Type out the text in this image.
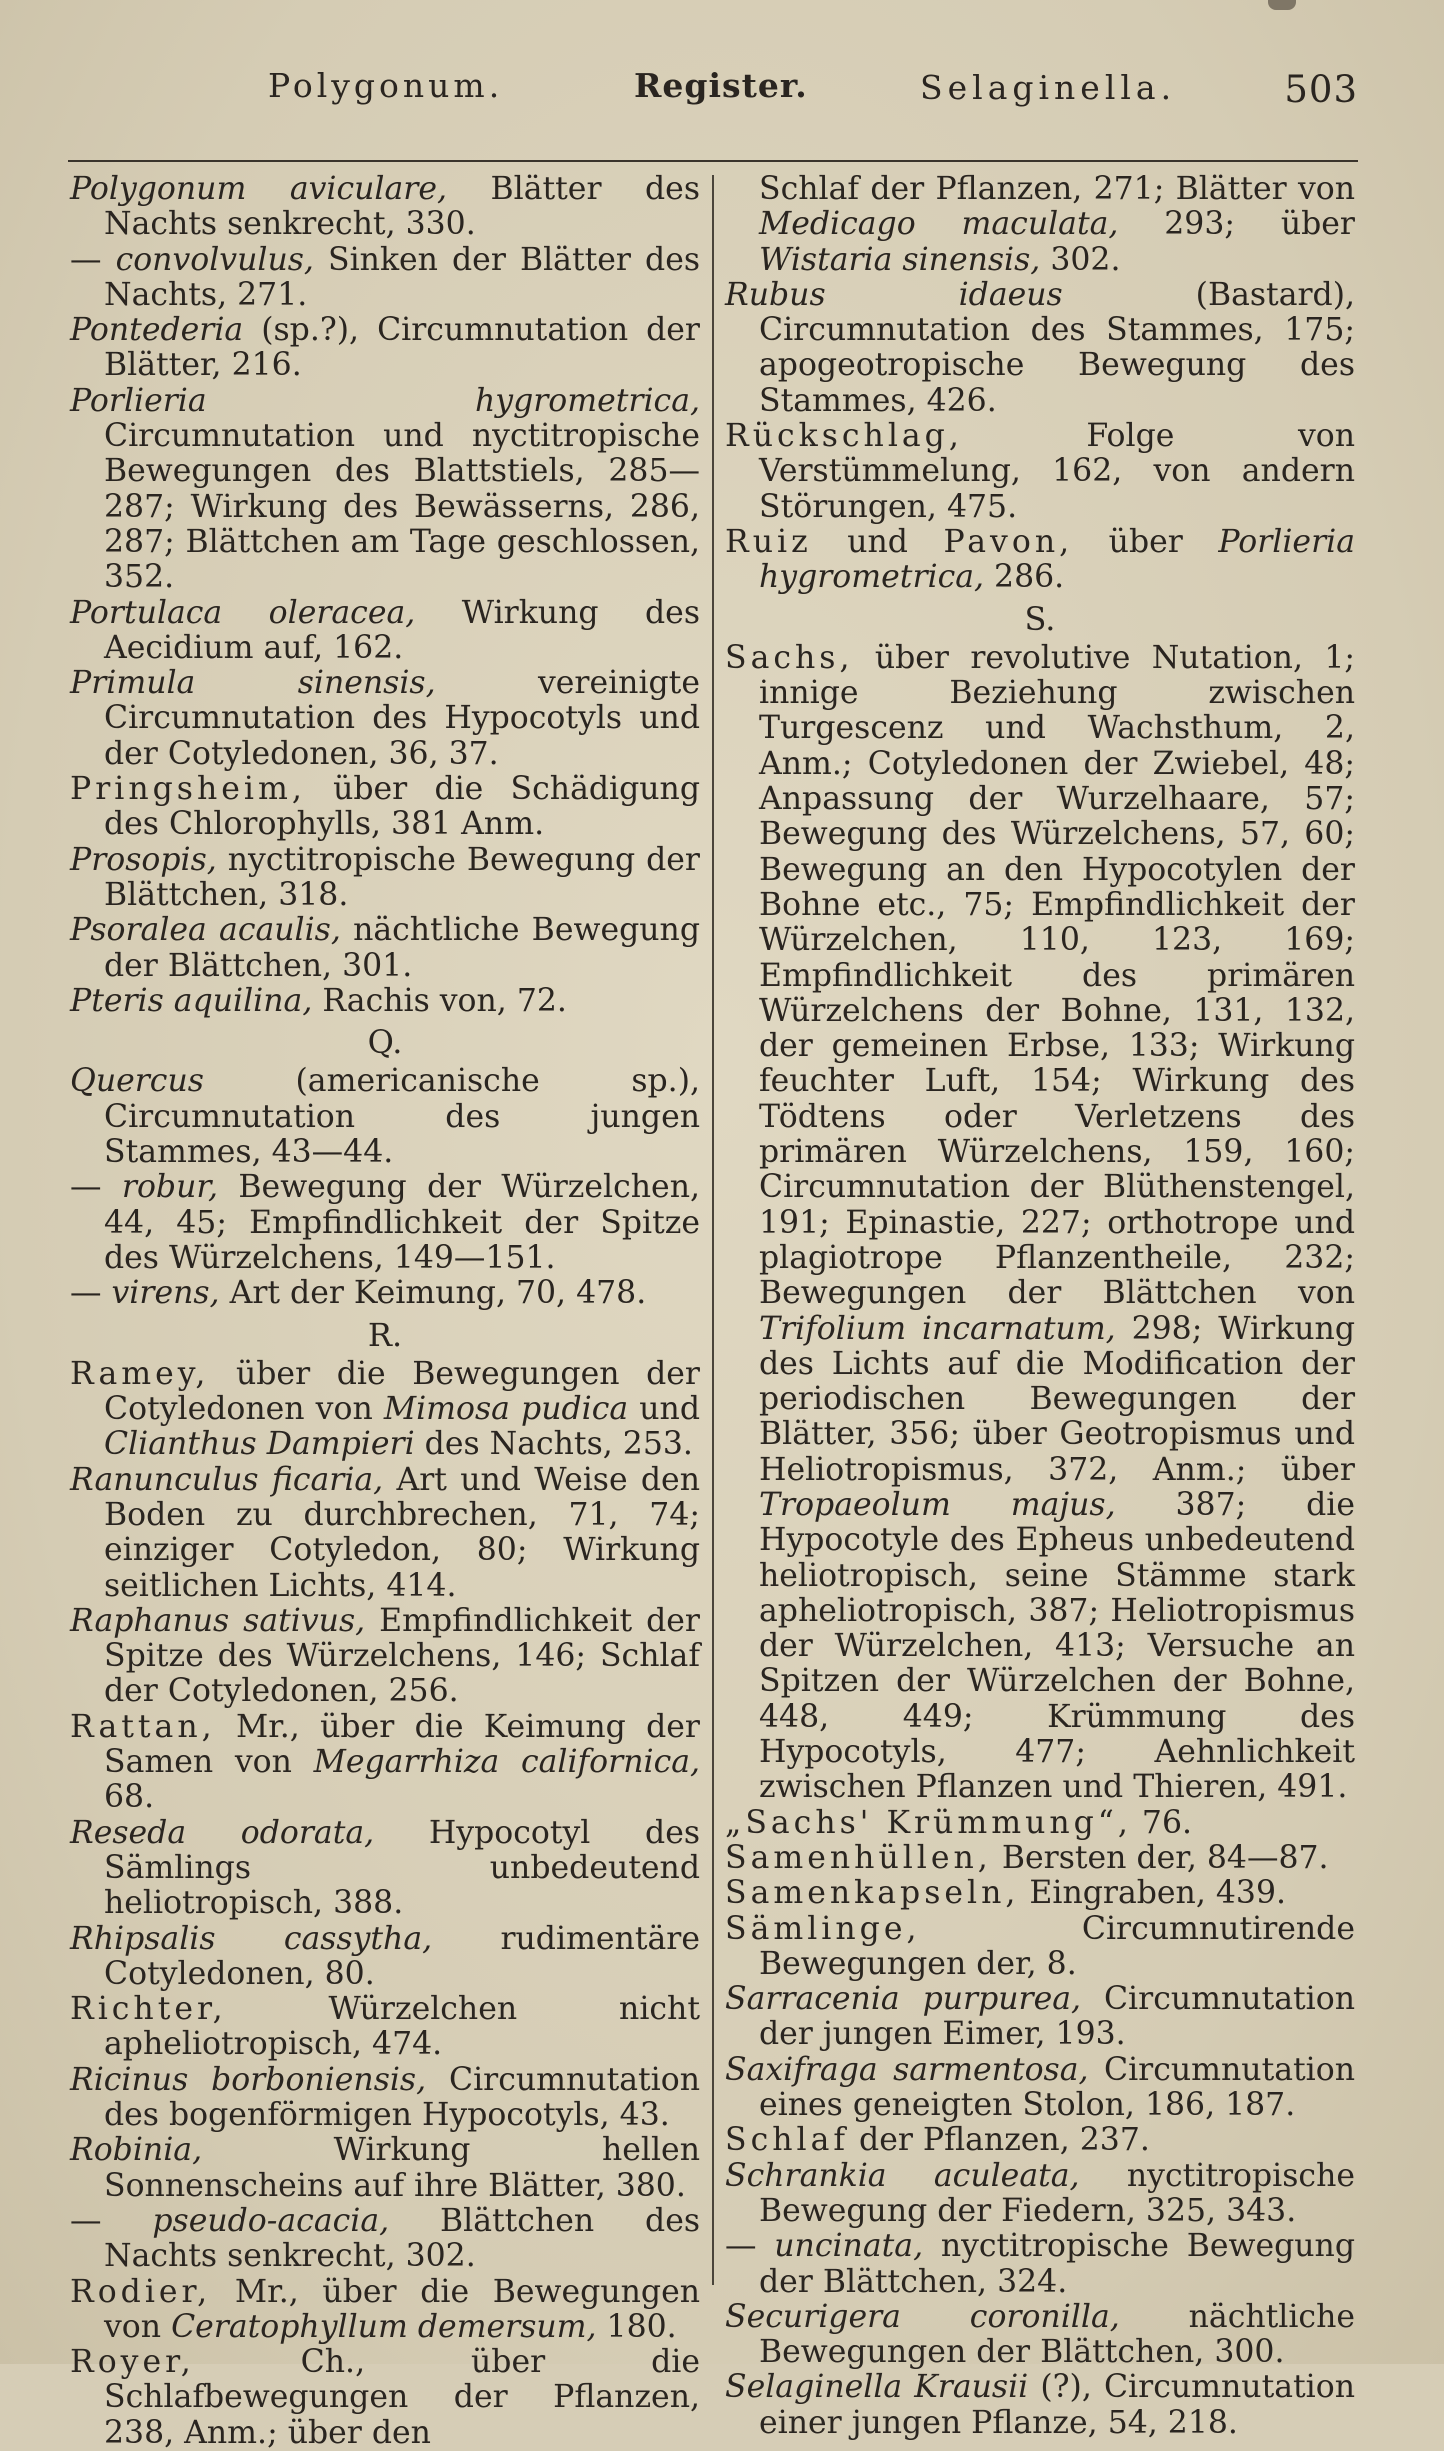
Polygonum.	Register.	Selaginella.	503

Polygonum aviculare, Blätter des Nachts senkrecht, 330.

— convolvulus, Sinken der Blätter des Nachts, 271.

Pontederia (sp.?), Circumnutation der Blätter, 216.

Porlieria hygrometrica, Circumnutation und nyctitropische Bewegungen des Blattstiels, 285—287; Wirkung des Bewässerns, 286, 287; Blättchen am Tage geschlossen, 352.

Portulaca oleracea, Wirkung des Aecidium auf, 162.

Primula sinensis, vereinigte Circumnutation des Hypocotyls und der Cotyledonen, 36, 37.

Pringsheim, über die Schädigung des Chlorophylls, 381 Anm.

Prosopis, nyctitropische Bewegung der Blättchen, 318.

Psoralea acaulis, nächtliche Bewegung der Blättchen, 301.

Pteris aquilina, Rachis von, 72.

Q.

Quercus (americanische sp.), Circumnutation des jungen Stammes, 43—44.

— robur, Bewegung der Würzelchen, 44, 45; Empfindlichkeit der Spitze des Würzelchens, 149—151.

— virens, Art der Keimung, 70, 478.

R.

Ramey, über die Bewegungen der Cotyledonen von Mimosa pudica und Clianthus Dampieri des Nachts, 253.

Ranunculus ficaria, Art und Weise den Boden zu durchbrechen, 71, 74; einziger Cotyledon, 80; Wirkung seitlichen Lichts, 414.

Raphanus sativus, Empfindlichkeit der Spitze des Würzelchens, 146; Schlaf der Cotyledonen, 256.

Rattan, Mr., über die Keimung der Samen von Megarrhiza californica, 68.

Reseda odorata, Hypocotyl des Sämlings unbedeutend heliotropisch, 388.

Rhipsalis cassytha, rudimentäre Cotyledonen, 80.

Richter, Würzelchen nicht apheliotropisch, 474.

Ricinus borboniensis, Circumnutation des bogenförmigen Hypocotyls, 43.

Robinia, Wirkung hellen Sonnenscheins auf ihre Blätter, 380.

— pseudo-acacia, Blättchen des Nachts senkrecht, 302.

Rodier, Mr., über die Bewegungen von Ceratophyllum demersum, 180.

Royer, Ch., über die Schlafbewegungen der Pflanzen, 238, Anm.; über den

Schlaf der Pflanzen, 271; Blätter von Medicago maculata, 293; über Wistaria sinensis, 302.

Rubus idaeus (Bastard), Circumnutation des Stammes, 175; apogeotropische Bewegung des Stammes, 426.

Rückschlag, Folge von Verstümmelung, 162, von andern Störungen, 475.

Ruiz und Pavon, über Porlieria hygrometrica, 286.

S.

Sachs, über revolutive Nutation, 1; innige Beziehung zwischen Turgescenz und Wachsthum, 2, Anm.; Cotyledonen der Zwiebel, 48; Anpassung der Wurzelhaare, 57; Bewegung des Würzelchens, 57, 60; Bewegung an den Hypocotylen der Bohne etc., 75; Empfindlichkeit der Würzelchen, 110, 123, 169; Empfindlichkeit des primären Würzelchens der Bohne, 131, 132, der gemeinen Erbse, 133; Wirkung feuchter Luft, 154; Wirkung des Tödtens oder Verletzens des primären Würzelchens, 159, 160; Circumnutation der Blüthenstengel, 191; Epinastie, 227; orthotrope und plagiotrope Pflanzentheile, 232; Bewegungen der Blättchen von Trifolium incarnatum, 298; Wirkung des Lichts auf die Modification der periodischen Bewegungen der Blätter, 356; über Geotropismus und Heliotropismus, 372, Anm.; über Tropaeolum majus, 387; die Hypocotyle des Epheus unbedeutend heliotropisch, seine Stämme stark apheliotropisch, 387; Heliotropismus der Würzelchen, 413; Versuche an Spitzen der Würzelchen der Bohne, 448, 449; Krümmung des Hypocotyls, 477; Aehnlichkeit zwischen Pflanzen und Thieren, 491.

„Sachs' Krümmung“, 76.

Samenhüllen, Bersten der, 84—87.

Samenkapseln, Eingraben, 439.

Sämlinge, Circumnutirende Bewegungen der, 8.

Sarracenia purpurea, Circumnutation der jungen Eimer, 193.

Saxifraga sarmentosa, Circumnutation eines geneigten Stolon, 186, 187.

Schlaf der Pflanzen, 237.

Schrankia aculeata, nyctitropische Bewegung der Fiedern, 325, 343.

— uncinata, nyctitropische Bewegung der Blättchen, 324.

Securigera coronilla, nächtliche Bewegungen der Blättchen, 300.

Selaginella Krausii (?), Circumnutation einer jungen Pflanze, 54, 218.
